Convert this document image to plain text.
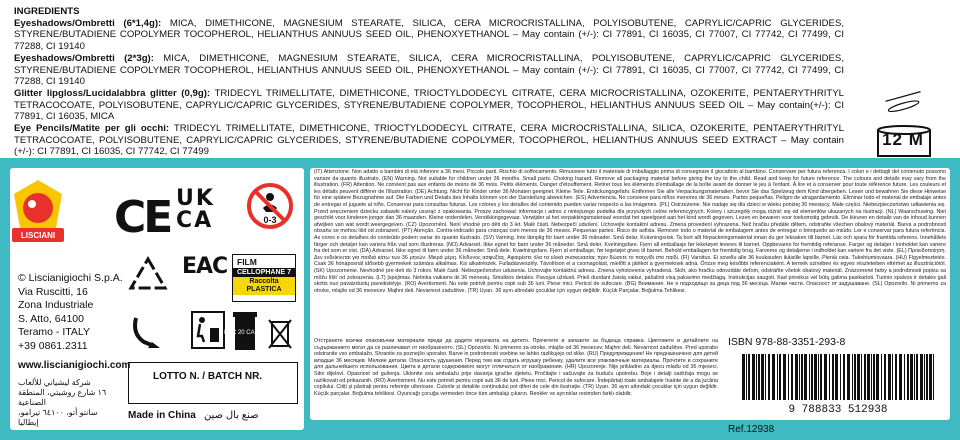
INGREDIENTS
Eyeshadows/Ombretti (6*1,4g): MICA, DIMETHICONE, MAGNESIUM STEARATE, SILICA, CERA MICROCRISTALLINA, POLYISOBUTENE, CAPRYLIC/CAPRIC GLYCERIDES, STYRENE/BUTADIENE COPOLYMER TOCOPHEROL, HELIANTHUS ANNUUS SEED OIL, PHENOXYETHANOL – May contain (+/-): CI 77891, CI 16035, CI 77007, CI 77742, CI 77499, CI 77288, CI 19140
Eyeshadows/Ombretti (2*3g): MICA, DIMETHICONE, MAGNESIUM STEARATE, SILICA, CERA MICROCRISTALLINA, POLYISOBUTENE, CAPRYLIC/CAPRIC GLYCERIDES, STYRENE/BUTADIENE COPOLYMER TOCOPHEROL, HELIANTHUS ANNUUS SEED OIL, PHENOXYETHANOL – May contain (+/-): CI 77891, CI 16035, CI 77007, CI 77742, CI 77499, CI 77288, CI 19140
Glitter lipgloss/Lucidalabbra glitter (0,9g): TRIDECYL TRIMELLITATE, DIMETHICONE, TRIOCTYLDODECYL CITRATE, CERA MICROCRISTALLINA, OZOKERITE, PENTAERYTHRITYL TETRACOCOATE, POLYISOBUTENE, CAPRYLIC/CAPRIC GLYCERIDES, STYRENE/BUTADIENE COPOLYMER, TOCOPHEROL, HELIANTHUS ANNUUS SEED OIL – May contain(+/-): CI 77891, CI 16035, MICA
Eye Pencils/Matite per gli occhi: TRIDECYL TRIMELLITATE, DIMETHICONE, TRIOCTYLDODECYL CITRATE, CERA MICROCRISTALLINA, SILICA, OZOKERITE, PENTAERYTHRITYL TETRACOCOATE, POLYISOBUTENE, CAPRYLIC/CAPRIC GLYCERIDES, STYRENE/BUTADIENE COPOLYMER, TOCOPHEROL, HELIANTHUS ANNUUS SEED EXTRACT – May contain (+/-): CI 77891, CI 16035, CI 77742, CI 77499
12 M
LISCIANI CE UK
CA	0-3
© Liscianigiochi S.p.A.
Via Ruscitti, 16
Zona Industriale
S. Atto, 64100
Teramo - ITALY
+39 0861.2311
www.liscianigiochi.com
شركة ليشياني للألعاب
١٦ شارع روشيتي، المنطقة الصناعية
سانتو أتو، ٦٤١٠٠ تيرامو، إيطاليا
EAC	FILM
CELLOPHANE 7
Raccolta
PLASTICA
BAC 20 CARTA
LOTTO N. / BATCH NR.
Made in China صنع بال صين
(IT) Attenzione. Non adatto a bambini di età inferiore a 36 mesi. Piccole parti. Rischio di soffocamento. Rimuovere tutto il materiale di imballaggio prima di consegnare il giocattolo al bambino. Conservare per futura referenza. I colori e i dettagli del contenuto possono variare da quanto illustrato. (EN) Warning. Not suitable for children under 36 months. Small parts. Choking hazard. Remove all packaging material before giving the toy to the child. Read and keep for future reference. The colours and details may vary from the illustration. (FR) Attention. Ne convient pas aux enfants de moins de 36 mois. Petits éléments. Danger d'étouffement. Retirer tous les éléments d'emballage de la boîte avant de donner le jeu à l'enfant. À lire et à conserver pour toute référence future. Les couleurs et les détails peuvent différer de l'illustration. (DE) Achtung. Nicht für Kinder unter 36 Monaten geeignet. Kleine Teile. Erstickungsgefahr. Entfernen Sie alle Verpackungsmaterialien, bevor Sie das Spielzeug dem Kind übergeben. Lesen und bewahren Sie diese Hinweise für eine spätere Bezugnahme auf. Die Farben und Details des Inhalts können von der Darstellung abweichen. (ES) Advertencia. No conviene para niños menores de 36 meses. Partes pequeñas. Peligro de atragantamiento. Eliminar todo el material de embalaje antes de entregar el juguete al niño. Conservar para consultas futuras. Los colores y los detalles del contenido pueden variar respecto a las imágenes. (PL) Ostrzeżenie. Nie nadaje się dla dzieci w wieku poniżej 36 miesięcy. Małe części. Niebezpieczeństwo udławienia się. Przed wręczeniem dziecku zabawki należy usunąć z opakowania. Proszę zachować informacje i adres z niniejszego pudełka dla przyszłych celów referencyjnych. Kolory i szczegóły mogą różnić się od elementów ukazanych na ilustracji. (NL) Waarschuwing. Niet geschikt voor kinderen jonger dan 36 maanden. Kleine onderdelen. Verstikkingsgevaar. Verwijder al het verpakkingsmateriaal voordat het speelgoed aan het kind wordt gegeven. Lezen en bewaren voor toekomstig gebruik. De kleuren en details van de inhoud kunnen afwijken van wat wordt weergegeven. (CZ) Upozornění. Není vhodné pro děti do 3 let. Malé části. Nebezpečí udušení. Uchovejte kontaktní adresu. Zmena provedení vyhrazena. Než hračku předáte dětem, odstraňte všechen obalový materiál. Barva a podrobnosti obsahu se mohou lišit od zobrazení. (PT) Atenção. Contra-indicado para crianças com menos de 36 meses. Pequenas partes. Risco de asfixia. Remover todo o material de embalagem antes de entregar o brinquedo ao miúdo. Ler e conservar para futura referência. As cores e os detalhes do conteúdo podem variar do quanto ilustrado. (SV) Varning. Inte lämplig för barn under 36 månader. Små delar. Kvävningsrisk. Ta bort allt förpackningsmaterial innan du ger leksaken till barnet. Läs och spara för framtida referens. Innehållets färger och detaljer kan variera från vad som illustreras. (NO) Advarsel. Ikke egnet for barn under 36 måneder. Små deler. Kvelningsfare. Fjern all emballasje før leketøyet leveres til barnet. Oppbevares for fremtidig referanse. Farger og detaljer i innholdet kan variere fra det som er vist. (DA) Advarsel. Ikke egnet til børn under 36 måneder. Små dele. Kvælningsfare. Fjern al emballage, før legetøjet gives til barnet. Behold emballagen for fremtidig brug. Farverne og detaljerne i indholdet kan variere fra det viste. (EL) Προειδοποίηση. Δεν ενδείκνυται για παιδιά κάτω των 36 μηνών. Μικρά μέρη. Κίνδυνος ασφυξίας. Αφαιρέστε όλα τα υλικά συσκευασίας πριν δώσετε το παιχνίδι στο παιδί. (FI) Varoitus. Ei sovellu alle 36 kuukauden ikäisille lapsille. Pieniä osia. Tukehtumisvaara. (HU) Figyelmeztetés. Csak 36 hónaposnál idősebb gyermekek számára alkalmas. Kis alkatrészek. Fulladásveszély. Távolítson el a csomagolást, mielőtt a játékot a gyermeknek adná. Őrizze meg későbbi referenciaként. A termék színében és egyes részleteiben eltérhet az illusztrációtól. (SK) Upozornenie. Nevhodné pre deti do 3 rokov. Malé časti. Nebezpečenstvo udusenia. Uchovajte kontaktnú adresu. Zmena vyhotovenia vyhradená. Skôr, ako hračku odovzdáte deťom, odstráňte všetok obalový materiál. Znázornené farby a podrobnosti popisu sa môžu líšiť od zobrazenia. (LT) Įspėjimas. Netinka vaikams iki 36 mėnesių. Smulkios detalės. Pavojus uždusti. Prieš duodant žaislą vaikui, pašalinti visą pakavimo medžiagą. Instrukcijas saugoti. Kad prireikus vėl būtų galima pasikartoti. Turinio spalvos ir detalės gali skirtis nuo pavaizduotų paveikslėlyje. (RO) Avertisment. Nu este potrivit pentru copii sub 36 luni. Piese mici. Pericol de sufocare. (BG) Внимание. Не е подходящо за деца под 36 месеца. Малки части. Опасност от задушаване. (SL) Opozorilo. Ni primerno za otroke, mlajše od 36 mesecev. Majhni deli. Nevarnost zadušitve. (TR) Uyarı. 36 ayın altındaki çocuklar için uygun değildir. Küçük Parçalar. Boğulma Tehlikesi.
Отстранете всички опаковъчни материали преди да дадете играчката на детето. Прочетете и запазете за бъдеща справка. Цветовете и детайлите на съдържанието могат да се различават от изобразеното. (SL) Opozorilo. Ni primerno za otroke, mlajše od 36 mesecev. Majhni deli. Nevarnost zadušitve. Pred uporabo odstranite vso embalažo. Shranite za poznejšo uporabo. Barve in podrobnosti vsebine se lahko razlikujejo od slike. (RU) Предупреждение! Не предназначено для детей младше 36 месяцев. Мелкие детали. Опасность удушения. Перед тем как отдать игрушку ребенку, удалите все упаковочные материалы. Прочтите и сохраните для дальнейшего использования. Цвета и детали содержимого могут отличаться от изображения. (HR) Upozorenje. Nije prikladno za djecu mlađu od 36 mjeseci. Sitni dijelovi. Opasnost od gušenja. Uklonite svu ambalažu prije davanja igračke djetetu. Pročitajte i sačuvajte za buduću upotrebu. Boje i detalji sadržaja mogu se razlikovati od prikazanih. (RO) Avertisment. Nu este potrivit pentru copii sub 36 de luni. Piese mici. Pericol de sufocare. Îndepărtați toate ambalajele înainte de a da jucăria copilului. Citiți și păstrați pentru referințe ulterioare. Culorile și detaliile conținutului pot diferi de cele din ilustrație. (TR) Uyarı. 36 ayın altındaki çocuklar için uygun değildir. Küçük parçalar. Boğulma tehlikesi. Oyuncağı çocuğa vermeden önce tüm ambalajı çıkarın. Renkler ve ayrıntılar resimden farklı olabilir.
ISBN 978-88-3351-293-8
9 788833 512938
Ref.12938
